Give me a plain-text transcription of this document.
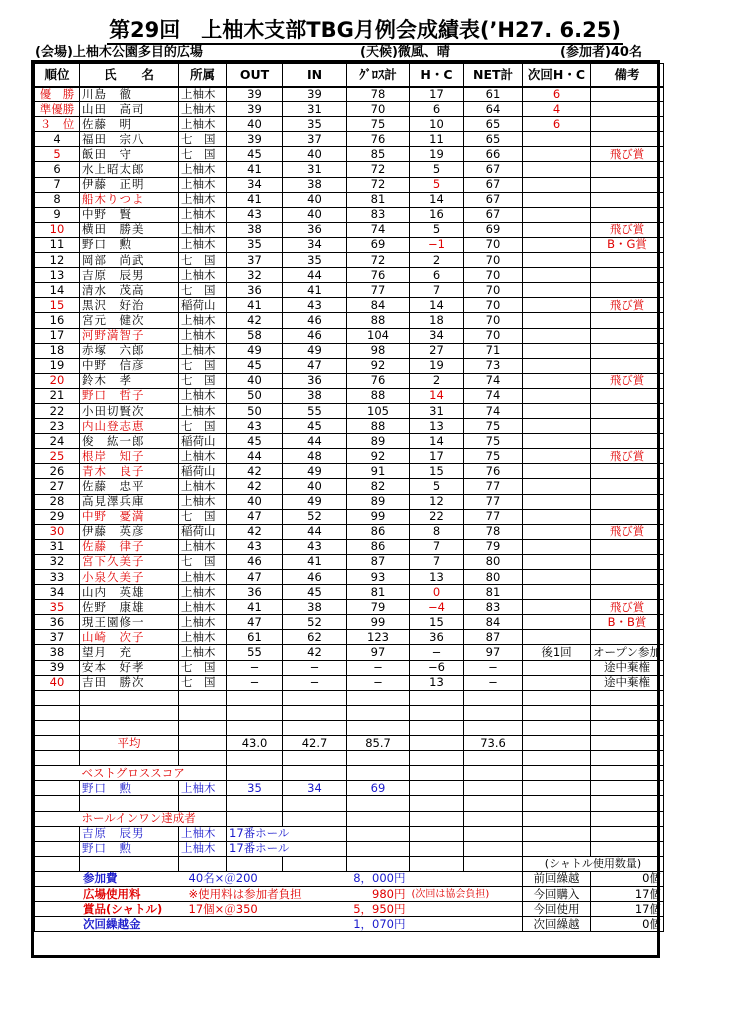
第29回　上柚木支部TBG月例会成績表(’H27. 6.25)
(会場)上柚木公園多目的広場	(天候)微風、晴	(参加者)40名
順位	氏　　名	所属	OUT	IN	ｸﾞﾛｽ計	H・C	NET計	次回H・C	備考
優　勝	川島　徹	上柚木	39	39	78	17	61	6	
準優勝	山田　高司	上柚木	39	31	70	6	64	4	
３　位	佐藤　明	上柚木	40	35	75	10	65	6	
4	福田　宗八	七　国	39	37	76	11	65		
5	飯田　守	七　国	45	40	85	19	66		飛び賞
6	水上昭太郎	上柚木	41	31	72	5	67		
7	伊藤　正明	上柚木	34	38	72	5	67		
8	船木りつよ	上柚木	41	40	81	14	67		
9	中野　賢	上柚木	43	40	83	16	67		
10	横田　勝美	上柚木	38	36	74	5	69		飛び賞
11	野口　勲	上柚木	35	34	69	−1	70		B・G賞
12	岡部　尚武	七　国	37	35	72	2	70		
13	吉原　辰男	上柚木	32	44	76	6	70		
14	清水　茂高	七　国	36	41	77	7	70		
15	黒沢　好治	稲荷山	41	43	84	14	70		飛び賞
16	宮元　健次	上柚木	42	46	88	18	70		
17	河野満智子	上柚木	58	46	104	34	70		
18	赤塚　六郎	上柚木	49	49	98	27	71		
19	中野　信彦	七　国	45	47	92	19	73		
20	鈴木　孝	七　国	40	36	76	2	74		飛び賞
21	野口　哲子	上柚木	50	38	88	14	74		
22	小田切賢次	上柚木	50	55	105	31	74		
23	内山登志恵	七　国	43	45	88	13	75		
24	俊　紘一郎	稲荷山	45	44	89	14	75		
25	根岸　知子	上柚木	44	48	92	17	75		飛び賞
26	青木　良子	稲荷山	42	49	91	15	76		
27	佐藤　忠平	上柚木	42	40	82	5	77		
28	高見澤兵庫	上柚木	40	49	89	12	77		
29	中野　憂満	七　国	47	52	99	22	77		
30	伊藤　英彦	稲荷山	42	44	86	8	78		飛び賞
31	佐藤　律子	上柚木	43	43	86	7	79		
32	宮下久美子	七　国	46	41	87	7	80		
33	小泉久美子	上柚木	47	46	93	13	80		
34	山内　英雄	上柚木	36	45	81	0	81		
35	佐野　康雄	上柚木	41	38	79	−4	83		飛び賞
36	現王園修一	上柚木	47	52	99	15	84		B・B賞
37	山崎　次子	上柚木	61	62	123	36	87		
38	望月　充	上柚木	55	42	97	−	97	後1回	オープン参加
39	安本　好孝	七　国	−	−	−	−6	−		途中棄権
40	吉田　勝次	七　国	−	−	−	13	−		途中棄権

	平均		43.0	42.7	85.7		73.6		

	ベストグロススコア								
	野口　勲	上柚木	35	34	69				

	ホールインワン達成者								
	吉原　辰男	上柚木	17番ホール						
	野口　勲	上柚木	17番ホール						
								(シャトル使用数量)	
参加費		40名×＠200			8，000円			前回繰越	0個
広場使用料		※使用料は参加者負担			980円	(次回は協会負担)		今回購入	17個
賞品(シャトル)		17個×＠350			5，950円			今回使用	17個
次回繰越金					1，070円			次回繰越	0個
